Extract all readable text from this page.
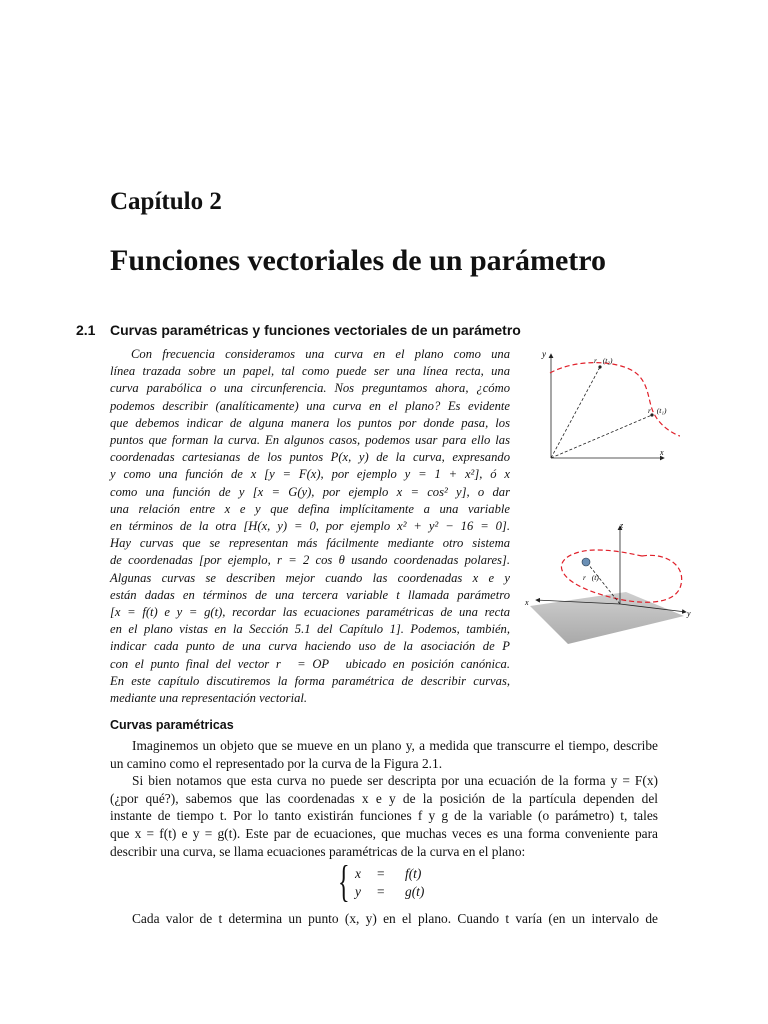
Capítulo 2
Funciones vectoriales de un parámetro
2.1 Curvas paramétricas y funciones vectoriales de un parámetro

Con frecuencia consideramos una curva en el plano como una

línea trazada sobre un papel, tal como puede ser una línea recta, una

curva parabólica o una circunferencia. Nos preguntamos ahora, ¿cómo

podemos describir (analíticamente) una curva en el plano? Es evidente

que debemos indicar de alguna manera los puntos por donde pasa, los

puntos que forman la curva. En algunos casos, podemos usar para ello las

coordenadas cartesianas de los puntos P(x, y) de la curva, expresando

y como una función de x [y = F(x), por ejemplo y = 1 + x²], ó x

como una función de y [x = G(y), por ejemplo x = cos² y], o dar

una relación entre x e y que defina implícitamente a una variable

en términos de la otra [H(x, y) = 0, por ejemplo x² + y² − 16 = 0].

Hay curvas que se representan más fácilmente mediante otro sistema

de coordenadas [por ejemplo, r = 2 cos θ usando coordenadas polares].

Algunas curvas se describen mejor cuando las coordenadas x e y

están dadas en términos de una tercera variable t llamada parámetro

[x = f(t) e y = g(t), recordar las ecuaciones paramétricas de una recta

en el plano vistas en la Sección 5.1 del Capítulo 1]. Podemos, también,

indicar cada punto de una curva haciendo uso de la asociación de P

con el punto final del vector r⃗ = OP⃗ ubicado en posición canónica.

En este capítulo discutiremos la forma paramétrica de describir curvas,

mediante una representación vectorial.

y
x
r⃗(t₂)
r⃗(t₁)
z
x
y
r⃗(t)
Curvas paramétricas

Imaginemos un objeto que se mueve en un plano y, a medida que transcurre el tiempo, describe

un camino como el representado por la curva de la Figura 2.1.

Si bien notamos que esta curva no puede ser descripta por una ecuación de la forma y = F(x)

(¿por qué?), sabemos que las coordenadas x e y de la posición de la partícula dependen del

instante de tiempo t. Por lo tanto existirán funciones f y g de la variable (o parámetro) t, tales

que x = f(t) e y = g(t). Este par de ecuaciones, que muchas veces es una forma conveniente para

describir una curva, se llama ecuaciones paramétricas de la curva en el plano:

{ x = f(t)
y = g(t)
Cada valor de t determina un punto (x, y) en el plano. Cuando t varía (en un intervalo de
